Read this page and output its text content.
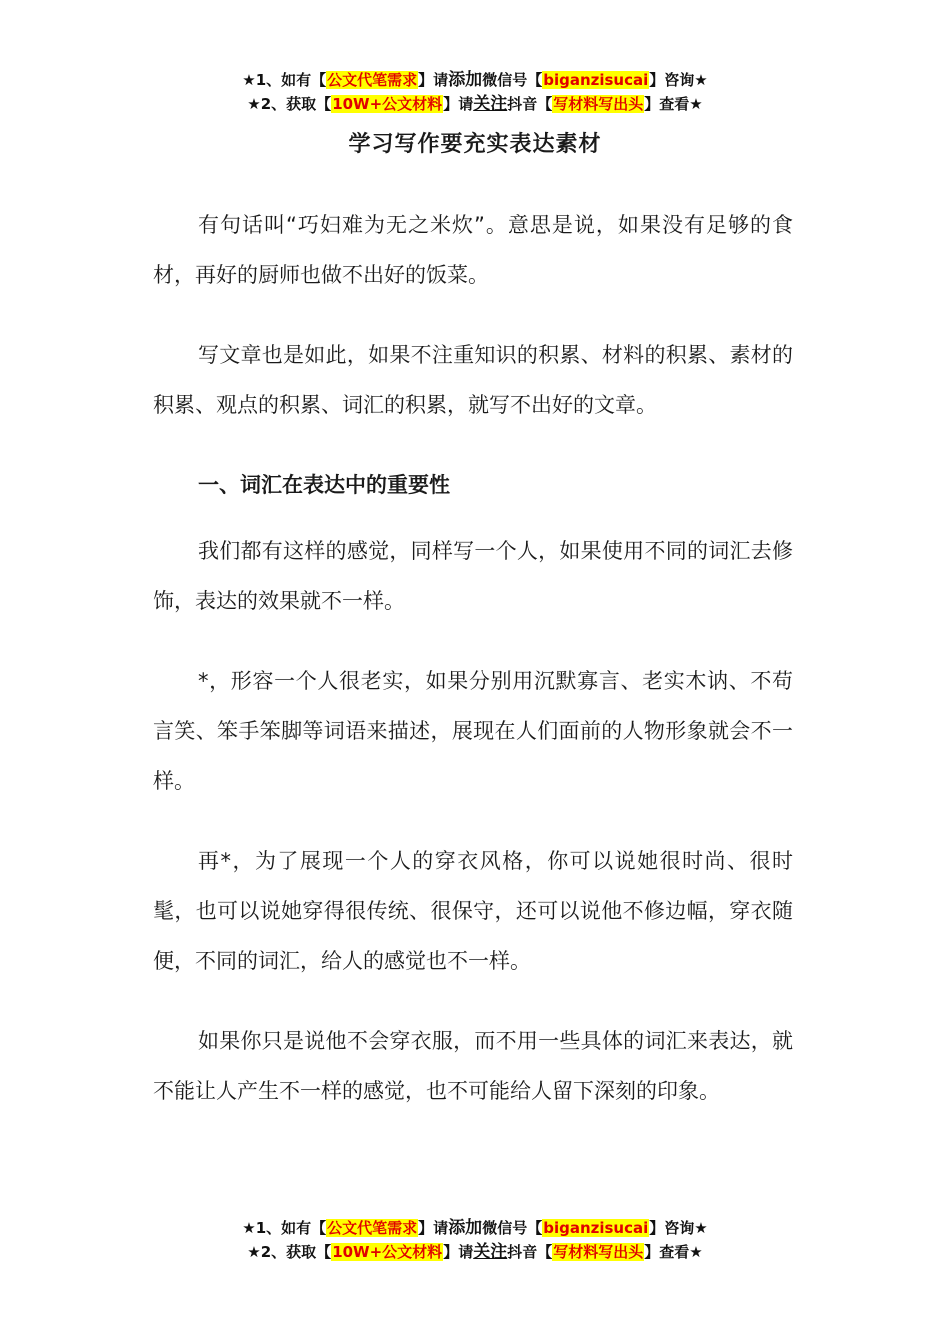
★1、如有【公文代笔需求】请添加微信号【biganzisucai】咨询★
★2、获取【10W+公文材料】请关注抖音【写材料写出头】查看★
学习写作要充实表达素材

有句话叫“巧妇难为无之米炊”。意思是说，如果没有足够的食材，再好的厨师也做不出好的饭菜。

写文章也是如此，如果不注重知识的积累、材料的积累、素材的积累、观点的积累、词汇的积累，就写不出好的文章。

一、词汇在表达中的重要性

我们都有这样的感觉，同样写一个人，如果使用不同的词汇去修饰，表达的效果就不一样。

*，形容一个人很老实，如果分别用沉默寡言、老实木讷、不苟言笑、笨手笨脚等词语来描述，展现在人们面前的人物形象就会不一样。

再*，为了展现一个人的穿衣风格，你可以说她很时尚、很时髦，也可以说她穿得很传统、很保守，还可以说他不修边幅，穿衣随便，不同的词汇，给人的感觉也不一样。

如果你只是说他不会穿衣服，而不用一些具体的词汇来表达，就不能让人产生不一样的感觉，也不可能给人留下深刻的印象。

★1、如有【公文代笔需求】请添加微信号【biganzisucai】咨询★
★2、获取【10W+公文材料】请关注抖音【写材料写出头】查看★
